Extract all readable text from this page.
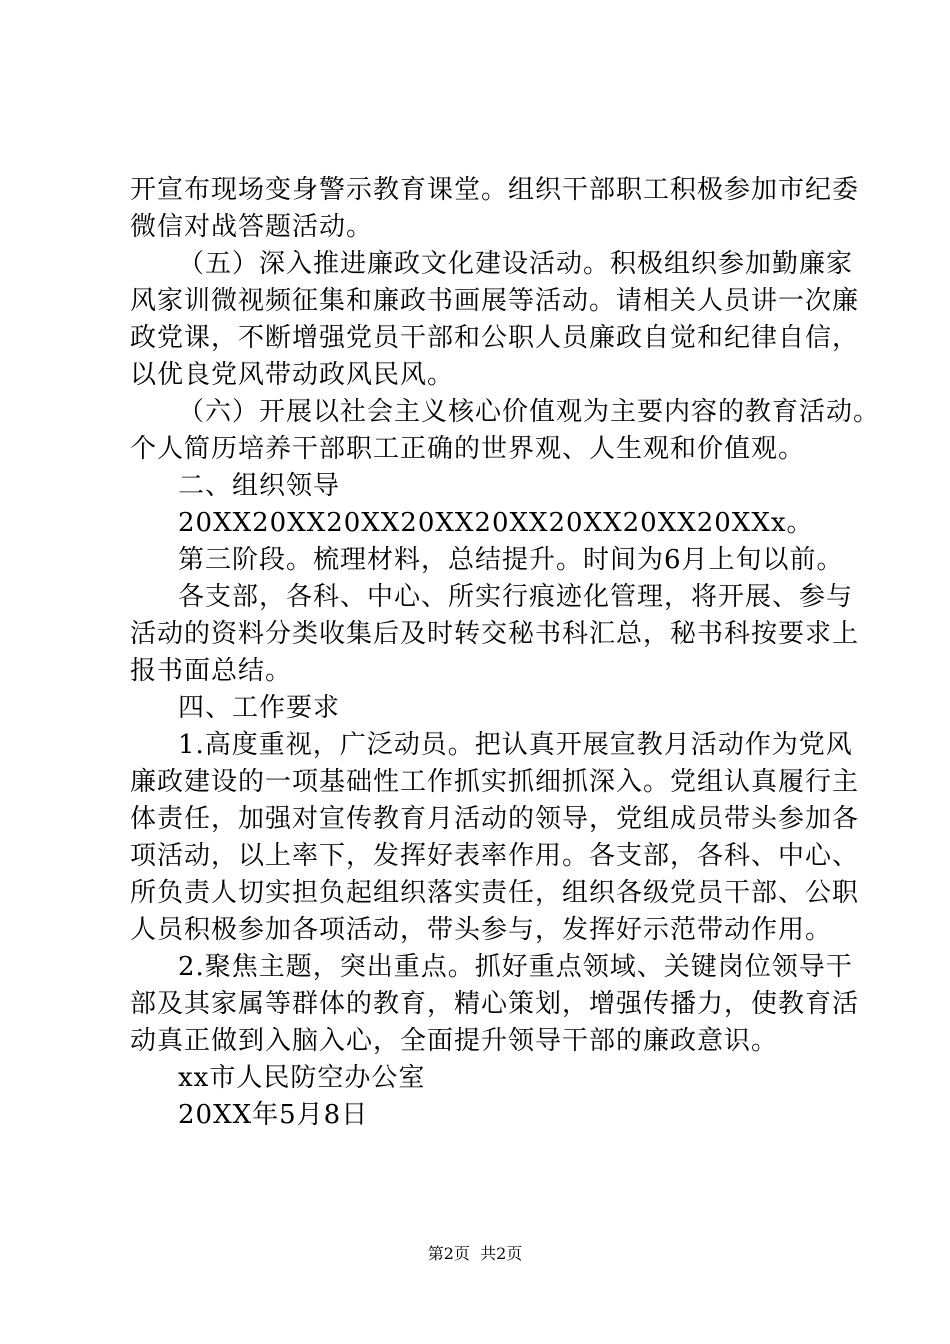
开宣布现场变身警示教育课堂。组织干部职工积极参加市纪委
微信对战答题活动。
（五）深入推进廉政文化建设活动。积极组织参加勤廉家
风家训微视频征集和廉政书画展等活动。请相关人员讲一次廉
政党课，不断增强党员干部和公职人员廉政自觉和纪律自信，
以优良党风带动政风民风。
（六）开展以社会主义核心价值观为主要内容的教育活动。
个人简历培养干部职工正确的世界观、人生观和价值观。
二、组织领导
20XX20XX20XX20XX20XX20XX20XX20XXx。
第三阶段。梳理材料，总结提升。时间为6月上旬以前。
各支部，各科、中心、所实行痕迹化管理，将开展、参与
活动的资料分类收集后及时转交秘书科汇总，秘书科按要求上
报书面总结。
四、工作要求
1.高度重视，广泛动员。把认真开展宣教月活动作为党风
廉政建设的一项基础性工作抓实抓细抓深入。党组认真履行主
体责任，加强对宣传教育月活动的领导，党组成员带头参加各
项活动，以上率下，发挥好表率作用。各支部，各科、中心、
所负责人切实担负起组织落实责任，组织各级党员干部、公职
人员积极参加各项活动，带头参与，发挥好示范带动作用。
2.聚焦主题，突出重点。抓好重点领域、关键岗位领导干
部及其家属等群体的教育，精心策划，增强传播力，使教育活
动真正做到入脑入心，全面提升领导干部的廉政意识。
xx市人民防空办公室
20XX年5月8日
第2页  共2页
